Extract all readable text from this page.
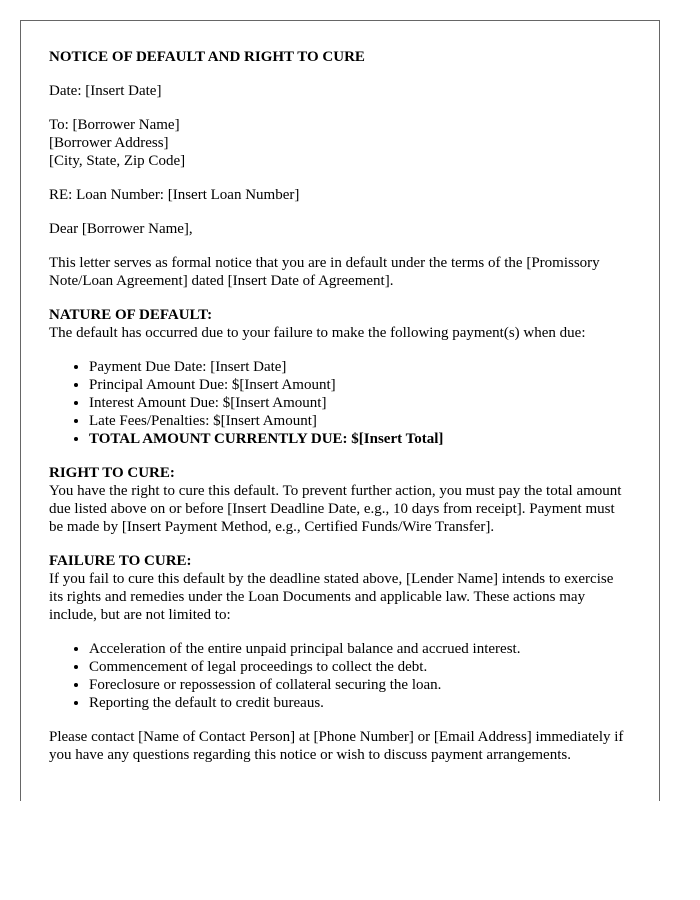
NOTICE OF DEFAULT AND RIGHT TO CURE

Date: [Insert Date]

To: [Borrower Name]
[Borrower Address]
[City, State, Zip Code]

RE: Loan Number: [Insert Loan Number]

Dear [Borrower Name],

This letter serves as formal notice that you are in default under the terms of the [Promissory Note/Loan Agreement] dated [Insert Date of Agreement].

NATURE OF DEFAULT:
The default has occurred due to your failure to make the following payment(s) when due:
• Payment Due Date: [Insert Date]
• Principal Amount Due: $[Insert Amount]
• Interest Amount Due: $[Insert Amount]
• Late Fees/Penalties: $[Insert Amount]
• TOTAL AMOUNT CURRENTLY DUE: $[Insert Total]

RIGHT TO CURE:
You have the right to cure this default. To prevent further action, you must pay the total amount due listed above on or before [Insert Deadline Date, e.g., 10 days from receipt]. Payment must be made by [Insert Payment Method, e.g., Certified Funds/Wire Transfer].

FAILURE TO CURE:
If you fail to cure this default by the deadline stated above, [Lender Name] intends to exercise its rights and remedies under the Loan Documents and applicable law. These actions may include, but are not limited to:
• Acceleration of the entire unpaid principal balance and accrued interest.
• Commencement of legal proceedings to collect the debt.
• Foreclosure or repossession of collateral securing the loan.
• Reporting the default to credit bureaus.

Please contact [Name of Contact Person] at [Phone Number] or [Email Address] immediately if you have any questions regarding this notice or wish to discuss payment arrangements.
